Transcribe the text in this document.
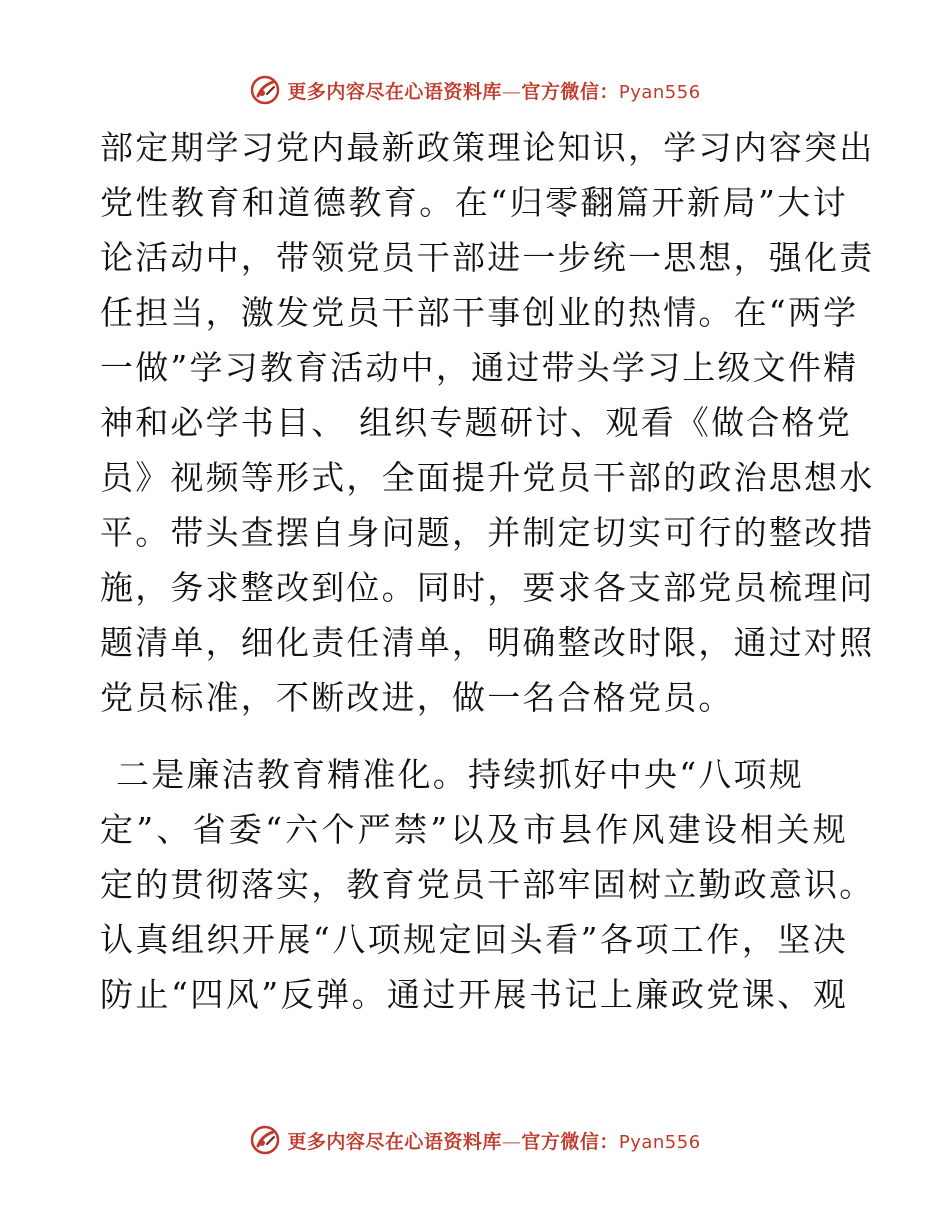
更多内容尽在心语资料库—官方微信：Pyan556
部定期学习党内最新政策理论知识，学习内容突出
党性教育和道德教育。在“归零翻篇开新局”大讨
论活动中，带领党员干部进一步统一思想，强化责
任担当，激发党员干部干事创业的热情。在“两学
一做”学习教育活动中，通过带头学习上级文件精
神和必学书目、 组织专题研讨、观看《做合格党
员》视频等形式，全面提升党员干部的政治思想水
平。带头查摆自身问题，并制定切实可行的整改措
施，务求整改到位。同时，要求各支部党员梳理问
题清单，细化责任清单，明确整改时限，通过对照
党员标准，不断改进，做一名合格党员。
二是廉洁教育精准化。持续抓好中央“八项规
定”、省委“六个严禁”以及市县作风建设相关规
定的贯彻落实，教育党员干部牢固树立勤政意识。
认真组织开展“八项规定回头看”各项工作，坚决
防止“四风”反弹。通过开展书记上廉政党课、观
更多内容尽在心语资料库—官方微信：Pyan556
